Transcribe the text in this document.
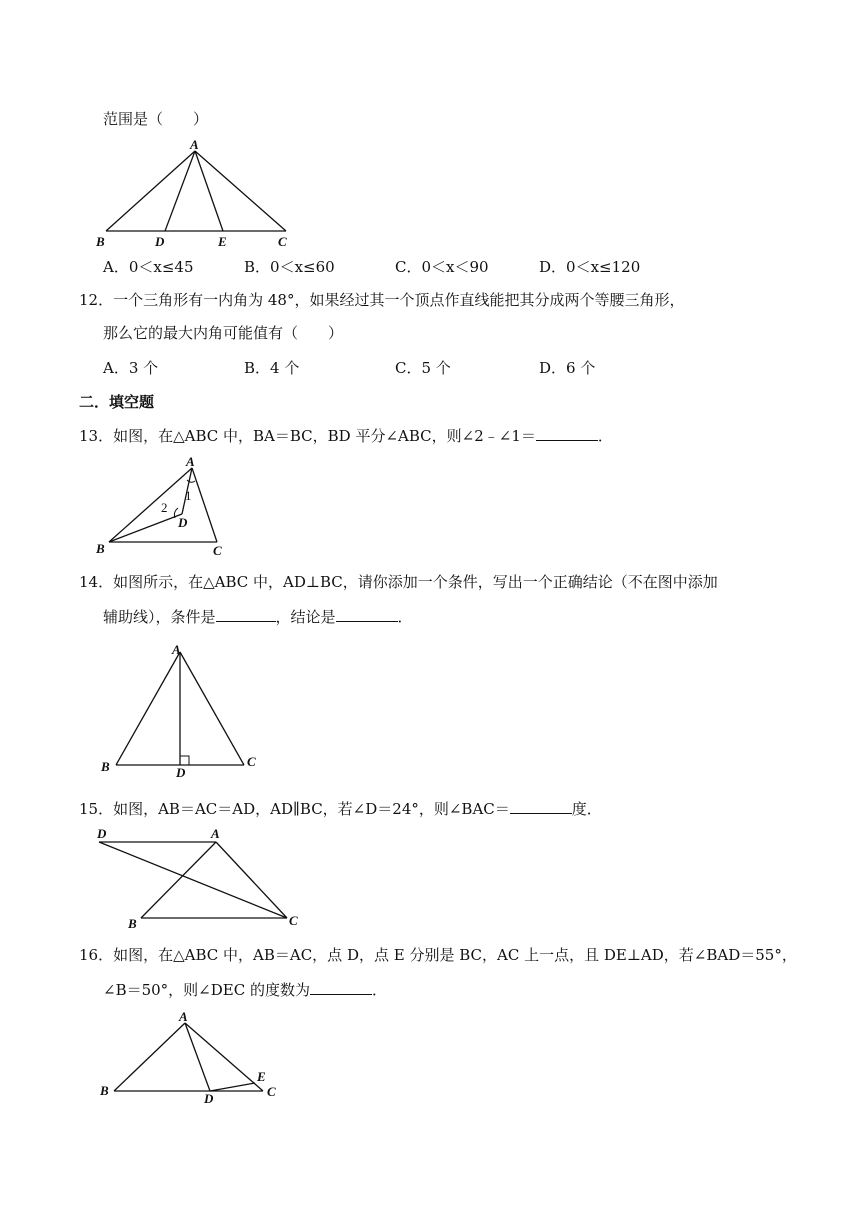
范围是（　　）
A
B	D	E	C
A．0＜x≤45	B．0＜x≤60	C．0＜x＜90	D．0＜x≤120
12．一个三角形有一内角为 48°，如果经过其一个顶点作直线能把其分成两个等腰三角形，
那么它的最大内角可能值有（　　）
A．3 个	B．4 个	C．5 个	D．6 个
二．填空题
13．如图，在△ABC 中，BA＝BC，BD 平分∠ABC，则∠2﹣∠1＝	．
A
B	C
D
1
2
14．如图所示，在△ABC 中，AD⊥BC，请你添加一个条件，写出一个正确结论（不在图中添加
辅助线），条件是	，结论是	．
A
B	C
D
15．如图，AB＝AC＝AD，AD∥BC，若∠D＝24°，则∠BAC＝	度．
D	A
B	C
16．如图，在△ABC 中，AB＝AC，点 D，点 E 分别是 BC，AC 上一点，且 DE⊥AD，若∠BAD＝55°，
∠B＝50°，则∠DEC 的度数为	．
A
B	C
D
E
